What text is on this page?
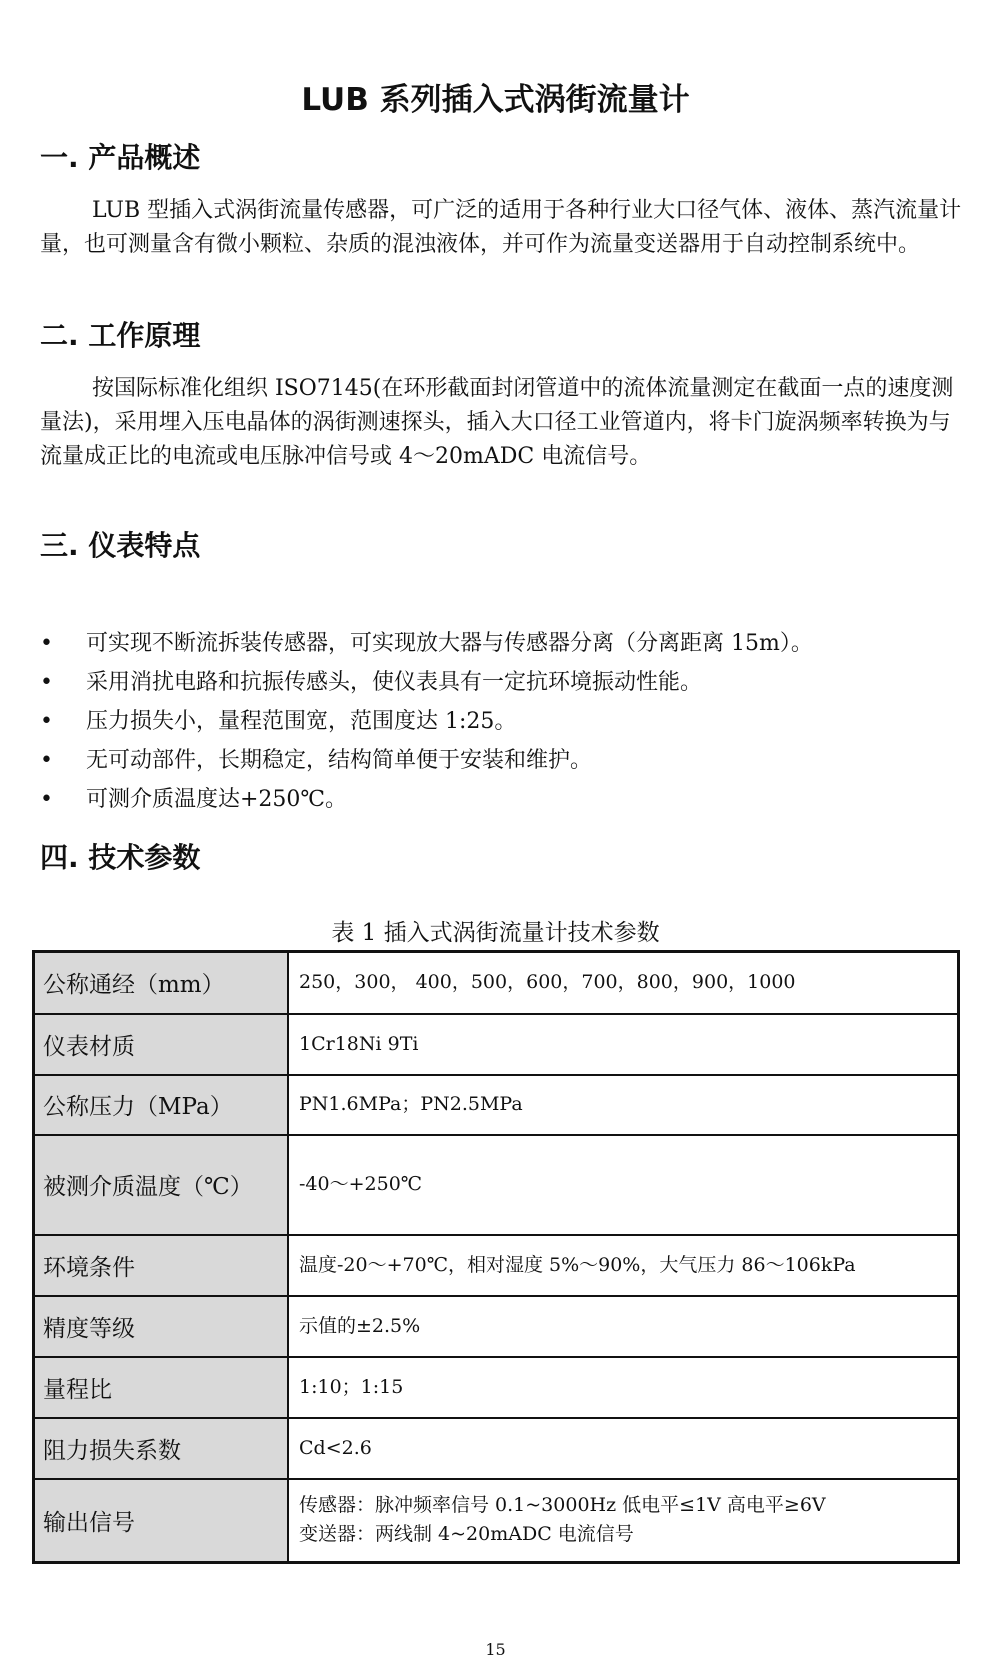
LUB 系列插入式涡街流量计
一. 产品概述
LUB 型插入式涡街流量传感器，可广泛的适用于各种行业大口径气体、液体、蒸汽流量计量，也可测量含有微小颗粒、杂质的混浊液体，并可作为流量变送器用于自动控制系统中。
二. 工作原理
按国际标准化组织 ISO7145(在环形截面封闭管道中的流体流量测定在截面一点的速度测量法)，采用埋入压电晶体的涡街测速探头，插入大口径工业管道内，将卡门旋涡频率转换为与流量成正比的电流或电压脉冲信号或 4～20mADC 电流信号。
三. 仪表特点
• 可实现不断流拆装传感器，可实现放大器与传感器分离（分离距离 15m）。
• 采用消扰电路和抗振传感头，使仪表具有一定抗环境振动性能。
• 压力损失小，量程范围宽，范围度达 1:25。
• 无可动部件，长期稳定，结构简单便于安装和维护。
• 可测介质温度达+250℃。
四. 技术参数
表 1 插入式涡街流量计技术参数
公称通经（mm）	250，300， 400，500，600，700，800，900，1000
仪表材质	1Cr18Ni 9Ti
公称压力（MPa）	PN1.6MPa；PN2.5MPa
被测介质温度（℃）	-40～+250℃
环境条件	温度-20～+70℃，相对湿度 5%～90%，大气压力 86～106kPa
精度等级	示值的±2.5%
量程比	1:10；1:15
阻力损失系数	Cd<2.6
输出信号	传感器：脉冲频率信号 0.1~3000Hz 低电平≤1V 高电平≥6V
变送器：两线制 4~20mADC 电流信号
15
